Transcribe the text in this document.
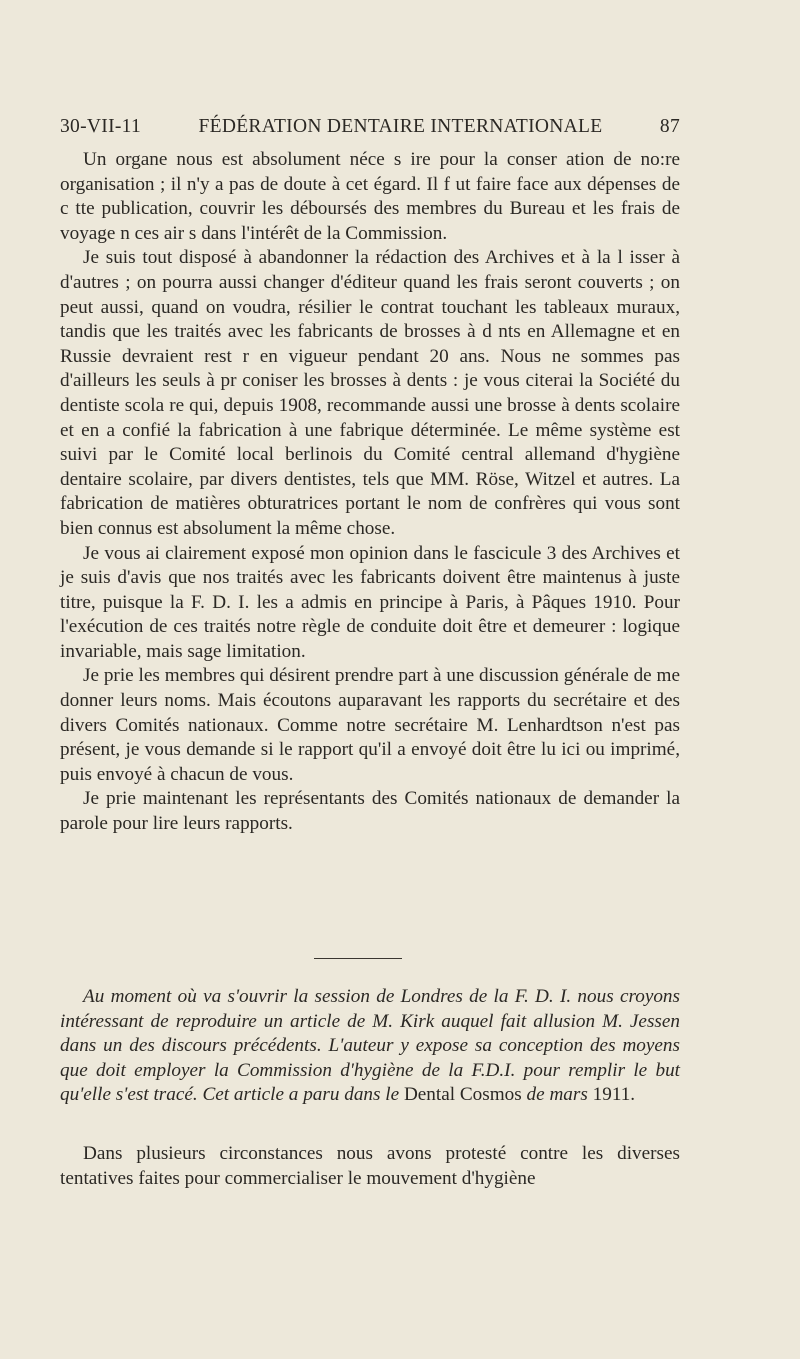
30-VII-11	FÉDÉRATION DENTAIRE INTERNATIONALE	87

Un organe nous est absolument néce s ire pour la conser ation de no:re organisation ; il n'y a pas de doute à cet égard. Il f ut faire face aux dépenses de c tte publication, couvrir les déboursés des membres du Bureau et les frais de voyage n ces air s dans l'intérêt de la Commission.

Je suis tout disposé à abandonner la rédaction des Archives et à la l isser à d'autres ; on pourra aussi changer d'éditeur quand les frais seront couverts ; on peut aussi, quand on voudra, résilier le contrat touchant les tableaux muraux, tandis que les traités avec les fabricants de brosses à d nts en Allemagne et en Russie devraient rest r en vigueur pendant 20 ans. Nous ne sommes pas d'ailleurs les seuls à pr coniser les brosses à dents : je vous citerai la Société du dentiste scola re qui, depuis 1908, recommande aussi une brosse à dents scolaire et en a confié la fabrication à une fabrique déterminée. Le même système est suivi par le Comité local berlinois du Comité central allemand d'hygiène dentaire scolaire, par divers dentistes, tels que MM. Röse, Witzel et autres. La fabrication de matières obturatrices portant le nom de confrères qui vous sont bien connus est absolument la même chose.

Je vous ai clairement exposé mon opinion dans le fascicule 3 des Archives et je suis d'avis que nos traités avec les fabricants doivent être maintenus à juste titre, puisque la F. D. I. les a admis en principe à Paris, à Pâques 1910. Pour l'exécution de ces traités notre règle de conduite doit être et demeurer : logique invariable, mais sage limitation.

Je prie les membres qui désirent prendre part à une discussion générale de me donner leurs noms. Mais écoutons auparavant les rapports du secrétaire et des divers Comités nationaux. Comme notre secrétaire M. Lenhardtson n'est pas présent, je vous demande si le rapport qu'il a envoyé doit être lu ici ou imprimé, puis envoyé à chacun de vous.

Je prie maintenant les représentants des Comités nationaux de demander la parole pour lire leurs rapports.

Au moment où va s'ouvrir la session de Londres de la F. D. I. nous croyons intéressant de reproduire un article de M. Kirk auquel fait allusion M. Jessen dans un des discours précédents. L'auteur y expose sa conception des moyens que doit employer la Commission d'hygiène de la F.D.I. pour remplir le but qu'elle s'est tracé. Cet article a paru dans le Dental Cosmos de mars 1911.

Dans plusieurs circonstances nous avons protesté contre les diverses tentatives faites pour commercialiser le mouvement d'hygiène
